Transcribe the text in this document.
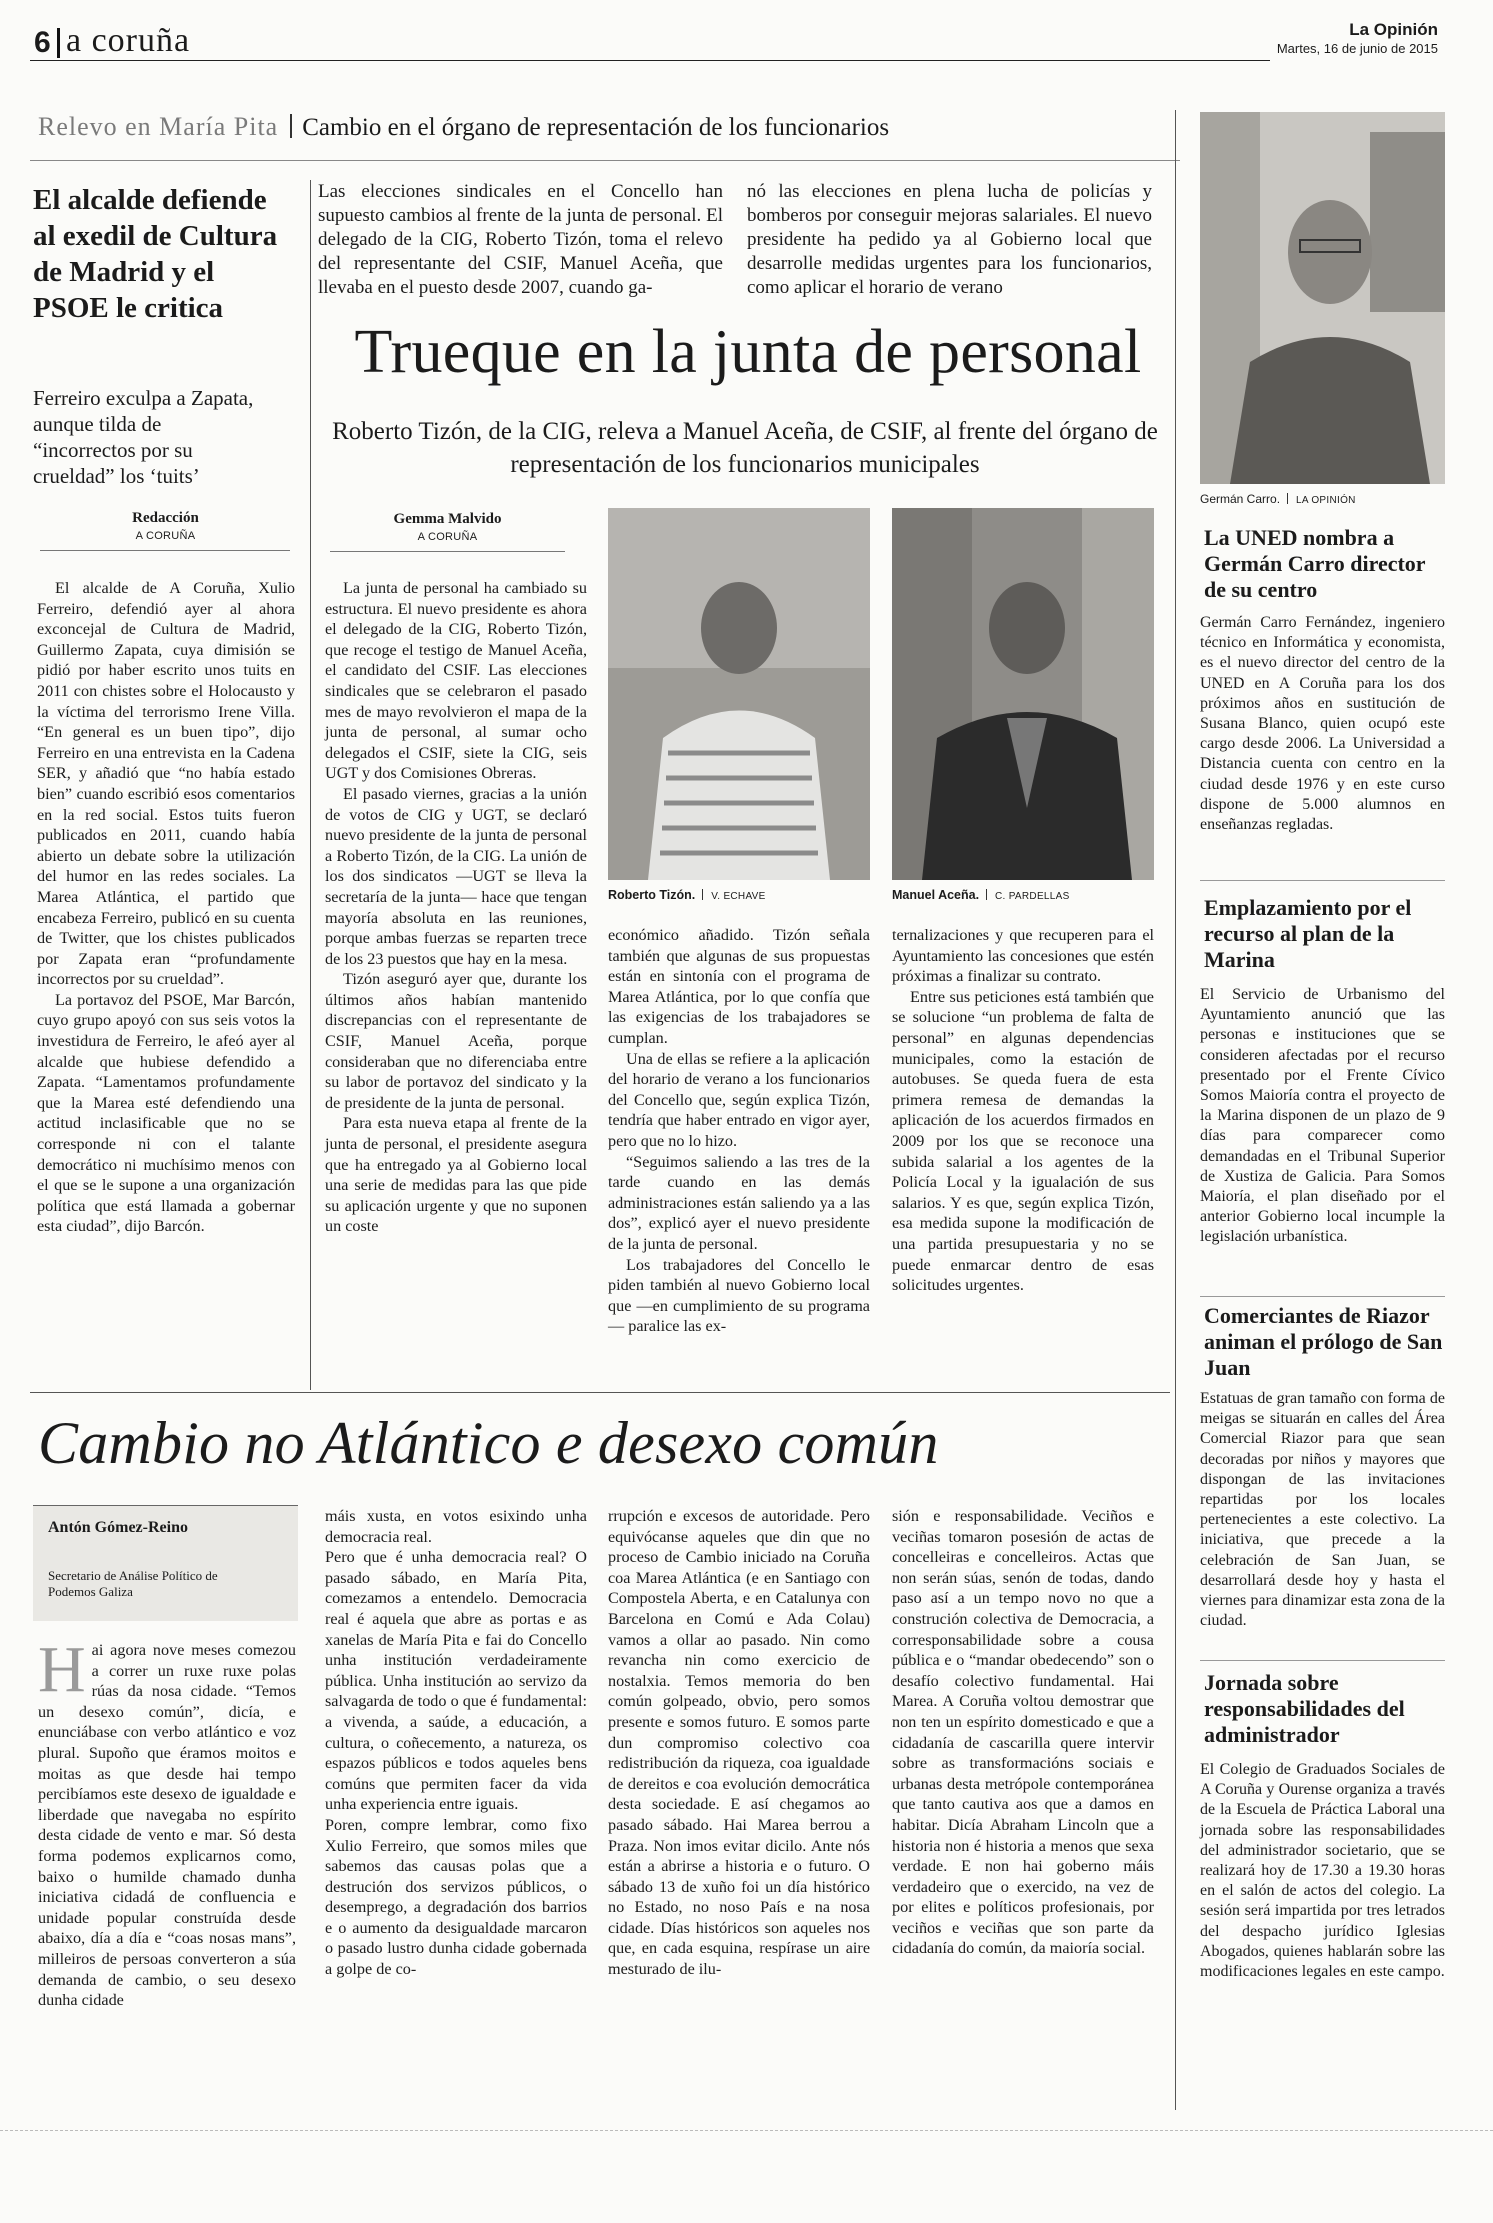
6 a coruña	La Opinión
Martes, 16 de junio de 2015
Relevo en María Pita Cambio en el órgano de representación de los funcionarios
El alcalde defiende al exedil de Cultura de Madrid y el PSOE le critica
Ferreiro exculpa a Zapata, aunque tilda de “incorrectos por su crueldad” los ‘tuits’
Redacción
A CORUÑA

El alcalde de A Coruña, Xulio Ferreiro, defendió ayer al ahora exconcejal de Cultura de Madrid, Guillermo Zapata, cuya dimisión se pidió por haber escrito unos tuits en 2011 con chistes sobre el Holocausto y la víctima del terrorismo Irene Villa. “En general es un buen tipo”, dijo Ferreiro en una entrevista en la Cadena SER, y añadió que “no había estado bien” cuando escribió esos comentarios en la red social. Estos tuits fueron publicados en 2011, cuando había abierto un debate sobre la utilización del humor en las redes sociales. La Marea Atlántica, el partido que encabeza Ferreiro, publicó en su cuenta de Twitter, que los chistes publicados por Zapata eran “profundamente incorrectos por su crueldad”.

La portavoz del PSOE, Mar Barcón, cuyo grupo apoyó con sus seis votos la investidura de Ferreiro, le afeó ayer al alcalde que hubiese defendido a Zapata. “Lamentamos profundamente que la Marea esté defendiendo una actitud inclasificable que no se corresponde ni con el talante democrático ni muchísimo menos con el que se le supone a una organización política que está llamada a gobernar esta ciudad”, dijo Barcón.

Las elecciones sindicales en el Concello han supuesto cambios al frente de la junta de personal. El delegado de la CIG, Roberto Tizón, toma el relevo del representante del CSIF, Manuel Aceña, que llevaba en el puesto desde 2007, cuando ga-

nó las elecciones en plena lucha de policías y bomberos por conseguir mejoras salariales. El nuevo presidente ha pedido ya al Gobierno local que desarrolle medidas urgentes para los funcionarios, como aplicar el horario de verano

Trueque en la junta de personal
Roberto Tizón, de la CIG, releva a Manuel Aceña, de CSIF, al frente del órgano de representación de los funcionarios municipales
Gemma Malvido
A CORUÑA

La junta de personal ha cambiado su estructura. El nuevo presidente es ahora el delegado de la CIG, Roberto Tizón, que recoge el testigo de Manuel Aceña, el candidato del CSIF. Las elecciones sindicales que se celebraron el pasado mes de mayo revolvieron el mapa de la junta de personal, al sumar ocho delegados el CSIF, siete la CIG, seis UGT y dos Comisiones Obreras.

El pasado viernes, gracias a la unión de votos de CIG y UGT, se declaró nuevo presidente de la junta de personal a Roberto Tizón, de la CIG. La unión de los dos sindicatos —UGT se lleva la secretaría de la junta— hace que tengan mayoría absoluta en las reuniones, porque ambas fuerzas se reparten trece de los 23 puestos que hay en la mesa.

Tizón aseguró ayer que, durante los últimos años habían mantenido discrepancias con el representante de CSIF, Manuel Aceña, porque consideraban que no diferenciaba entre su labor de portavoz del sindicato y la de presidente de la junta de personal.

Para esta nueva etapa al frente de la junta de personal, el presidente asegura que ha entregado ya al Gobierno local una serie de medidas para las que pide su aplicación urgente y que no suponen un coste

Roberto Tizón. V. ECHAVE	Manuel Aceña. C. PARDELLAS

económico añadido. Tizón señala también que algunas de sus propuestas están en sintonía con el programa de Marea Atlántica, por lo que confía que las exigencias de los trabajadores se cumplan.

Una de ellas se refiere a la aplicación del horario de verano a los funcionarios del Concello que, según explica Tizón, tendría que haber entrado en vigor ayer, pero que no lo hizo.

“Seguimos saliendo a las tres de la tarde cuando en las demás administraciones están saliendo ya a las dos”, explicó ayer el nuevo presidente de la junta de personal.

Los trabajadores del Concello le piden también al nuevo Gobierno local que —en cumplimiento de su programa— paralice las ex-

ternalizaciones y que recuperen para el Ayuntamiento las concesiones que estén próximas a finalizar su contrato.

Entre sus peticiones está también que se solucione “un problema de falta de personal” en algunas dependencias municipales, como la estación de autobuses. Se queda fuera de esta primera remesa de demandas la aplicación de los acuerdos firmados en 2009 por los que se reconoce una subida salarial a los agentes de la Policía Local y la igualación de sus salarios. Y es que, según explica Tizón, esa medida supone la modificación de una partida presupuestaria y no se puede enmarcar dentro de esas solicitudes urgentes.

Germán Carro. LA OPINIÓN
La UNED nombra a Germán Carro director de su centro

Germán Carro Fernández, ingeniero técnico en Informática y economista, es el nuevo director del centro de la UNED en A Coruña para los dos próximos años en sustitución de Susana Blanco, quien ocupó este cargo desde 2006. La Universidad a Distancia cuenta con centro en la ciudad desde 1976 y en este curso dispone de 5.000 alumnos en enseñanzas regladas.

Emplazamiento por el recurso al plan de la Marina

El Servicio de Urbanismo del Ayuntamiento anunció que las personas e instituciones que se consideren afectadas por el recurso presentado por el Frente Cívico Somos Maioría contra el proyecto de la Marina disponen de un plazo de 9 días para comparecer como demandadas en el Tribunal Superior de Xustiza de Galicia. Para Somos Maioría, el plan diseñado por el anterior Gobierno local incumple la legislación urbanística.

Comerciantes de Riazor animan el prólogo de San Juan

Estatuas de gran tamaño con forma de meigas se situarán en calles del Área Comercial Riazor para que sean decoradas por niños y mayores que dispongan de las invitaciones repartidas por los locales pertenecientes a este colectivo. La iniciativa, que precede a la celebración de San Juan, se desarrollará desde hoy y hasta el viernes para dinamizar esta zona de la ciudad.

Jornada sobre responsabilidades del administrador

El Colegio de Graduados Sociales de A Coruña y Ourense organiza a través de la Escuela de Práctica Laboral una jornada sobre las responsabilidades del administrador societario, que se realizará hoy de 17.30 a 19.30 horas en el salón de actos del colegio. La sesión será impartida por tres letrados del despacho jurídico Iglesias Abogados, quienes hablarán sobre las modificaciones legales en este campo.

Cambio no Atlántico e desexo común
Antón Gómez-Reino
Secretario de Análise Político de Podemos Galiza
H ai agora nove meses comezou a correr un ruxe ruxe polas rúas da nosa cidade. “Temos un desexo común”, dicía, e enunciábase con verbo atlántico e voz plural. Supoño que éramos moitos e moitas as que desde hai tempo percibíamos este desexo de igualdade e liberdade que navegaba no espírito desta cidade de vento e mar. Só desta forma podemos explicarnos como, baixo o humilde chamado dunha iniciativa cidadá de confluencia e unidade popular construída desde abaixo, día a día e “coas nosas mans”, milleiros de persoas converteron a súa demanda de cambio, o seu desexo dunha cidade

máis xusta, en votos esixindo unha democracia real.

Pero que é unha democracia real? O pasado sábado, en María Pita, comezamos a entendelo. Democracia real é aquela que abre as portas e as xanelas de María Pita e fai do Concello unha institución verdadeiramente pública. Unha institución ao servizo da salvagarda de todo o que é fundamental: a vivenda, a saúde, a educación, a cultura, o coñecemento, a natureza, os espazos públicos e todos aqueles bens comúns que permiten facer da vida unha experiencia entre iguais.

Poren, compre lembrar, como fixo Xulio Ferreiro, que somos miles que sabemos das causas polas que a destrución dos servizos públicos, o desemprego, a degradación dos barrios e o aumento da desigualdade marcaron o pasado lustro dunha cidade gobernada a golpe de co-

rrupción e excesos de autoridade. Pero equivócanse aqueles que din que no proceso de Cambio iniciado na Coruña coa Marea Atlántica (e en Santiago con Compostela Aberta, e en Catalunya con Barcelona en Comú e Ada Colau) vamos a ollar ao pasado. Nin como revancha nin como exercicio de nostalxia. Temos memoria do ben común golpeado, obvio, pero somos presente e somos futuro. E somos parte dun compromiso colectivo coa redistribución da riqueza, coa igualdade de dereitos e coa evolución democrática desta sociedade. E así chegamos ao pasado sábado. Hai Marea berrou a Praza. Non imos evitar dicilo. Ante nós están a abrirse a historia e o futuro. O sábado 13 de xuño foi un día histórico no Estado, no noso País e na nosa cidade. Días históricos son aqueles nos que, en cada esquina, respírase un aire mesturado de ilu-

sión e responsabilidade. Veciños e veciñas tomaron posesión de actas de concelleiras e concelleiros. Actas que non serán súas, senón de todas, dando paso así a un tempo novo no que a construción colectiva de Democracia, a corresponsabilidade sobre a cousa pública e o “mandar obedecendo” son o desafío colectivo fundamental. Hai Marea. A Coruña voltou demostrar que non ten un espírito domesticado e que a cidadanía de cascarilla quere intervir sobre as transformacións sociais e urbanas desta metrópole contemporánea que tanto cautiva aos que a damos en habitar. Dicía Abraham Lincoln que a historia non é historia a menos que sexa verdade. E non hai goberno máis verdadeiro que o exercido, na vez de por elites e políticos profesionais, por veciños e veciñas que son parte da cidadanía do común, da maioría social.
